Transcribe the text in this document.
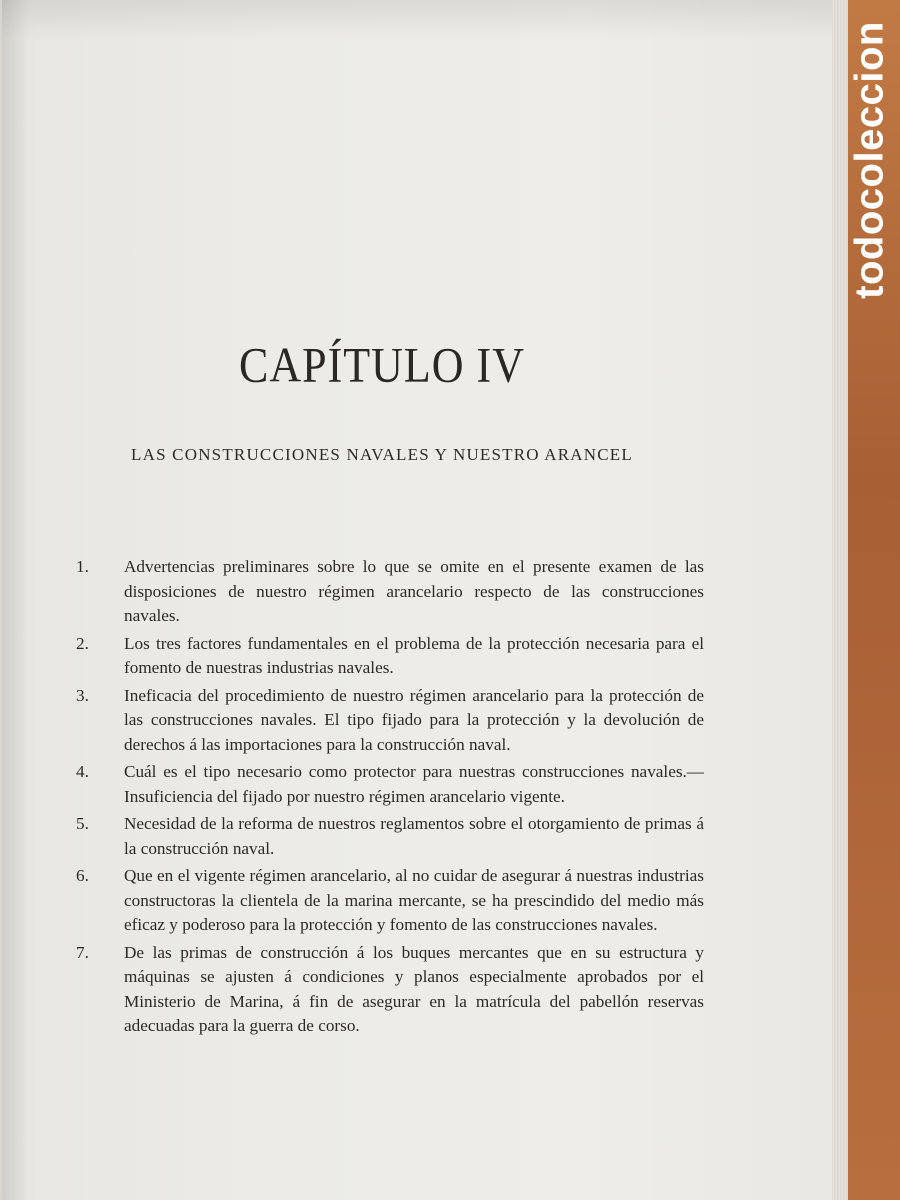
CAPÍTULO IV
LAS CONSTRUCCIONES NAVALES Y NUESTRO ARANCEL
1. Advertencias preliminares sobre lo que se omite en el presente examen de las disposiciones de nuestro régimen arancelario respecto de las construcciones navales.
2. Los tres factores fundamentales en el problema de la protección necesaria para el fomento de nuestras industrias navales.
3. Ineficacia del procedimiento de nuestro régimen arancelario para la protección de las construcciones navales. El tipo fijado para la protección y la devolución de derechos á las importaciones para la construcción naval.
4. Cuál es el tipo necesario como protector para nuestras construcciones navales.—Insuficiencia del fijado por nuestro régimen arancelario vigente.
5. Necesidad de la reforma de nuestros reglamentos sobre el otorgamiento de primas á la construcción naval.
6. Que en el vigente régimen arancelario, al no cuidar de asegurar á nuestras industrias constructoras la clientela de la marina mercante, se ha prescindido del medio más eficaz y poderoso para la protección y fomento de las construcciones navales.
7. De las primas de construcción á los buques mercantes que en su estructura y máquinas se ajusten á condiciones y planos especialmente aprobados por el Ministerio de Marina, á fin de asegurar en la matrícula del pabellón reservas adecuadas para la guerra de corso.
todocoleccion
